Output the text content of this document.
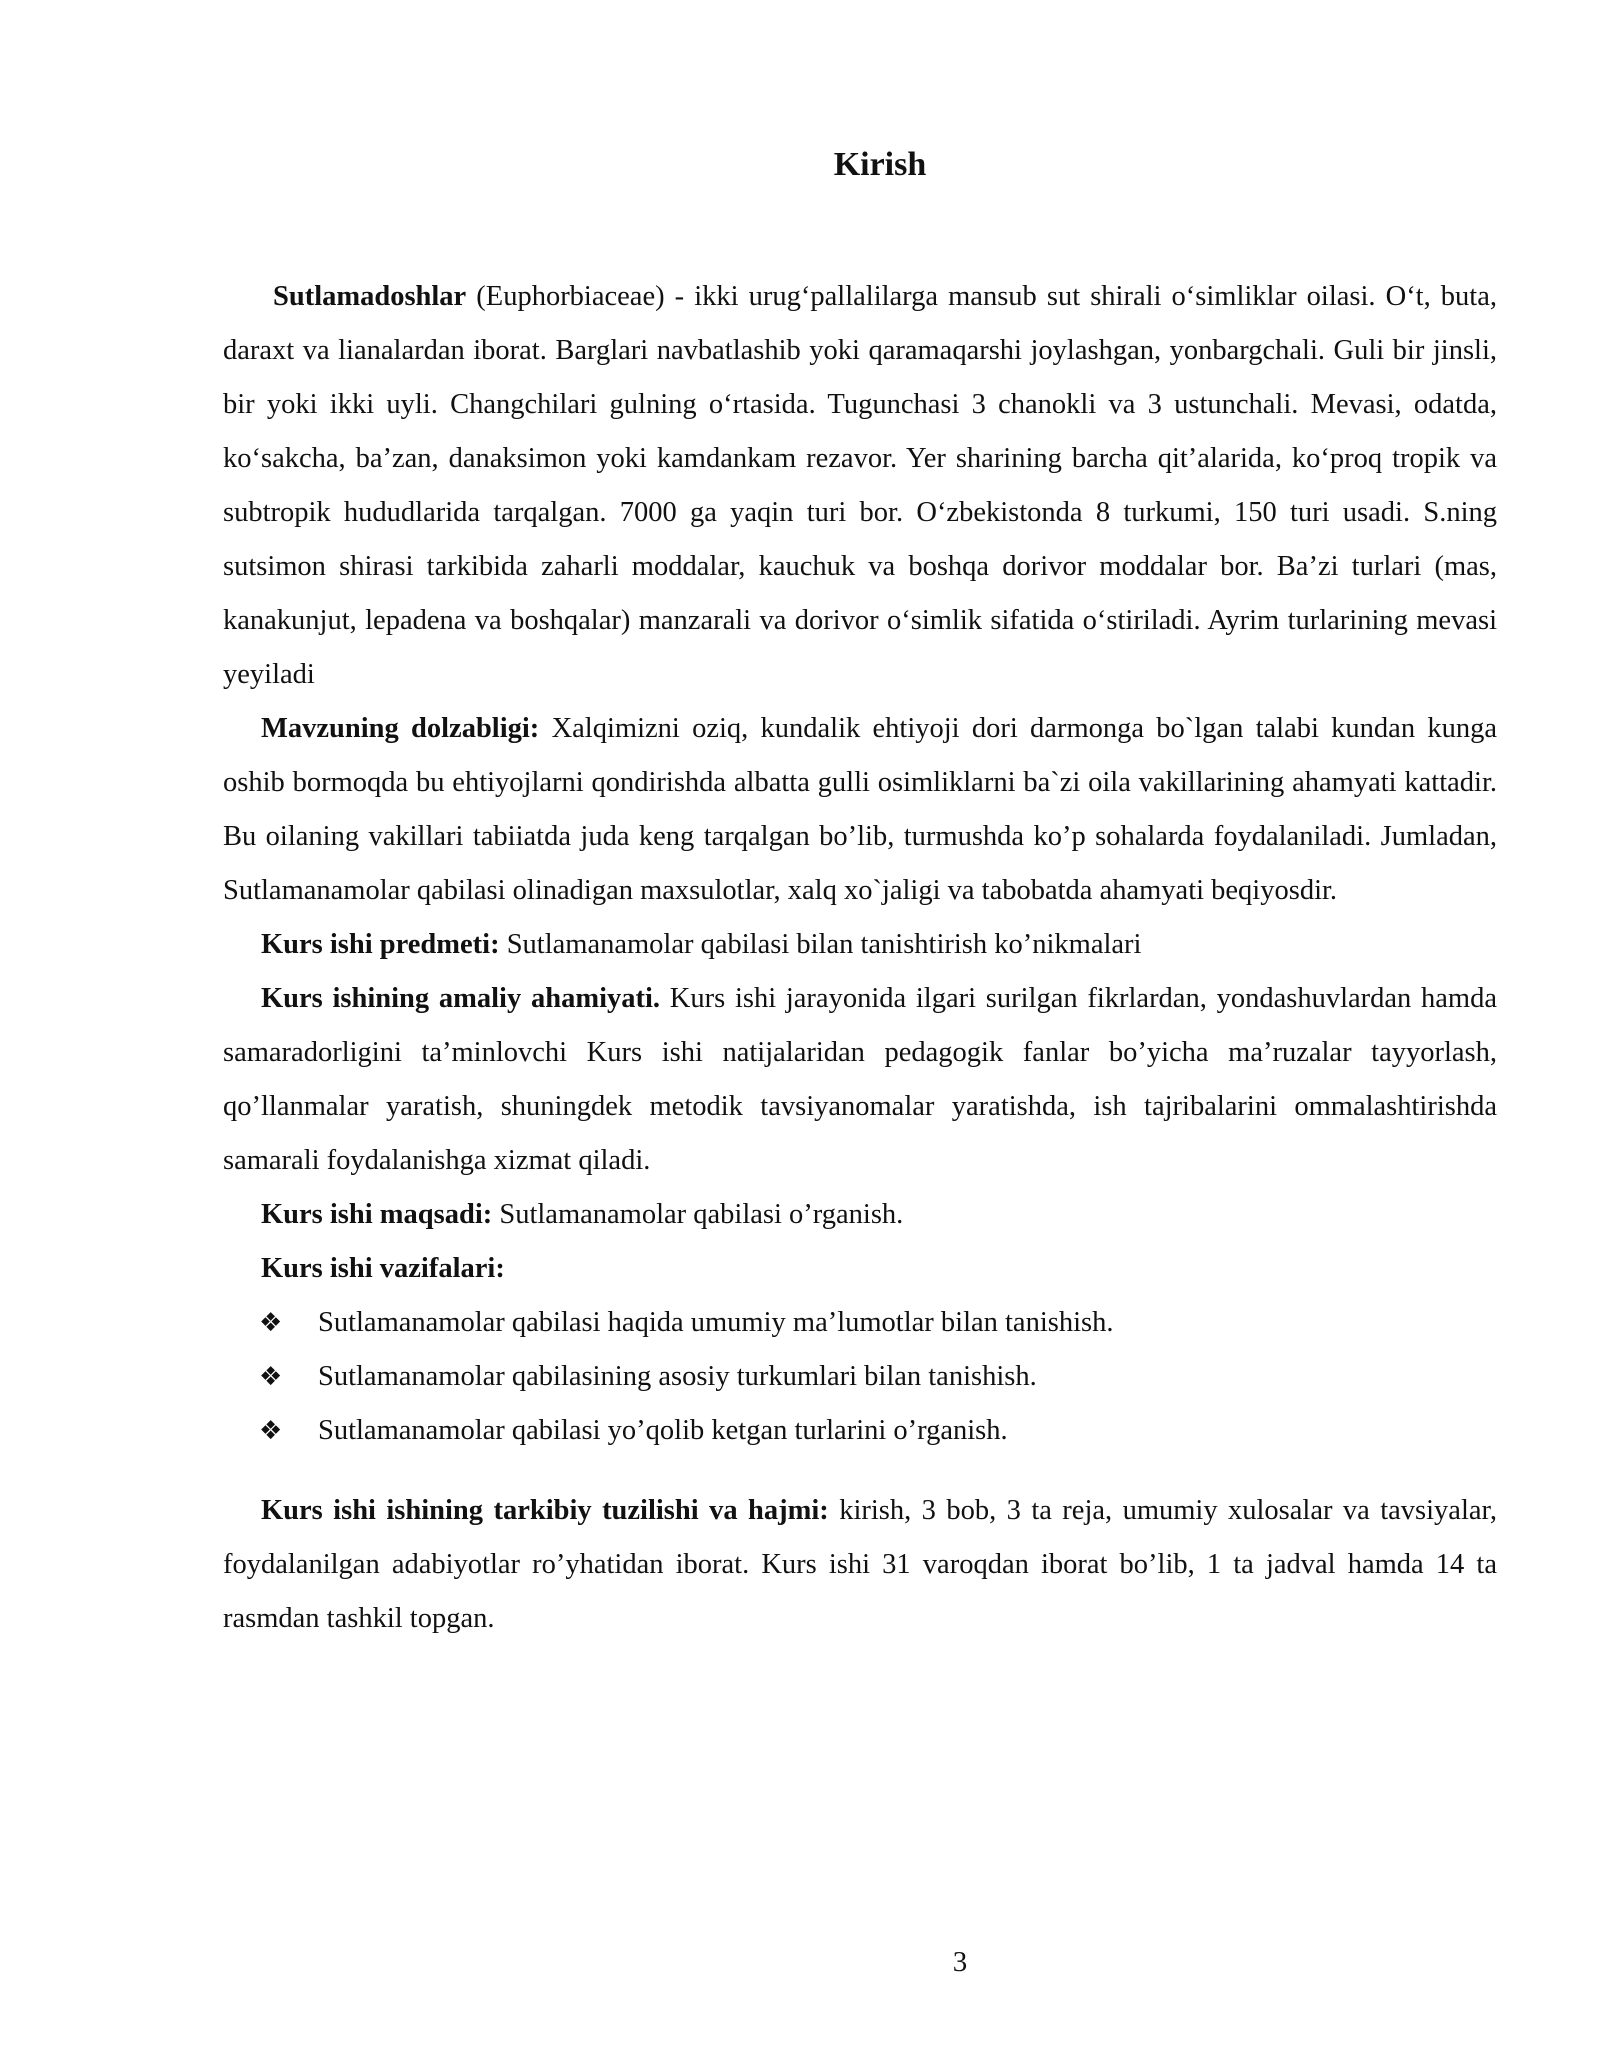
Kirish

Sutlamadoshlar (Euphorbiaceae) - ikki urug‘pallalilarga mansub sut shirali o‘simliklar oilasi. O‘t, buta, daraxt va lianalardan iborat. Barglari navbatlashib yoki qaramaqarshi joylashgan, yonbargchali. Guli bir jinsli, bir yoki ikki uyli. Changchilari gulning o‘rtasida. Tugunchasi 3 chanokli va 3 ustunchali. Mevasi, odatda, ko‘sakcha, ba’zan, danaksimon yoki kamdankam rezavor. Yer sharining barcha qit’alarida, ko‘proq tropik va subtropik hududlarida tarqalgan. 7000 ga yaqin turi bor. O‘zbekistonda 8 turkumi, 150 turi usadi. S.ning sutsimon shirasi tarkibida zaharli moddalar, kauchuk va boshqa dorivor moddalar bor. Ba’zi turlari (mas, kanakunjut, lepadena va boshqalar) manzarali va dorivor o‘simlik sifatida o‘stiriladi. Ayrim turlarining mevasi yeyiladi

Mavzuning dolzabligi: Xalqimizni oziq, kundalik ehtiyoji dori darmonga bo`lgan talabi kundan kunga oshib bormoqda bu ehtiyojlarni qondirishda albatta gulli osimliklarni ba`zi oila vakillarining ahamyati kattadir. Bu oilaning vakillari tabiiatda juda keng tarqalgan bo’lib, turmushda ko’p sohalarda foydalaniladi. Jumladan, Sutlamanamolar qabilasi olinadigan maxsulotlar, xalq xo`jaligi va tabobatda ahamyati beqiyosdir.

Kurs ishi predmeti: Sutlamanamolar qabilasi bilan tanishtirish ko’nikmalari

Kurs ishining amaliy ahamiyati. Kurs ishi jarayonida ilgari surilgan fikrlardan, yondashuvlardan hamda samaradorligini ta’minlovchi Kurs ishi natijalaridan pedagogik fanlar bo’yicha ma’ruzalar tayyorlash, qo’llanmalar yaratish, shuningdek metodik tavsiyanomalar yaratishda, ish tajribalarini ommalashtirishda samarali foydalanishga xizmat qiladi.

Kurs ishi maqsadi: Sutlamanamolar qabilasi o’rganish.

Kurs ishi vazifalari:

❖ Sutlamanamolar qabilasi haqida umumiy ma’lumotlar bilan tanishish.
❖ Sutlamanamolar qabilasining asosiy turkumlari bilan tanishish.
❖ Sutlamanamolar qabilasi yo’qolib ketgan turlarini o’rganish.

Kurs ishi ishining tarkibiy tuzilishi va hajmi: kirish, 3 bob, 3 ta reja, umumiy xulosalar va tavsiyalar, foydalanilgan adabiyotlar ro’yhatidan iborat. Kurs ishi 31 varoqdan iborat bo’lib, 1 ta jadval hamda 14 ta rasmdan tashkil topgan.

3
